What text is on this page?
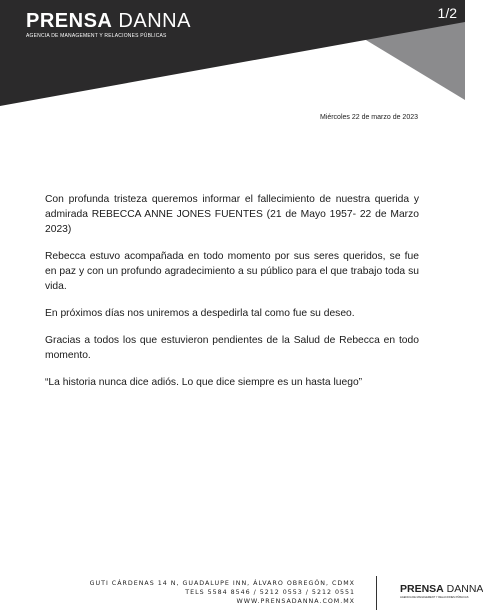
PRENSA DANNA
AGENCIA DE MANAGEMENT Y RELACIONES PÚBLICAS
1/2
Miércoles 22 de marzo de 2023

Con profunda tristeza queremos informar el fallecimiento de nuestra querida y admirada REBECCA ANNE JONES FUENTES (21 de Mayo 1957- 22 de Marzo 2023)

Rebecca estuvo acompañada en todo momento por sus seres queridos, se fue en paz y con un profundo agradecimiento a su público para el que trabajo toda su vida.

En próximos días nos uniremos a despedirla tal como fue su deseo.

Gracias a todos los que estuvieron pendientes de la Salud de Rebecca en todo momento.

“La historia nunca dice adiós. Lo que dice siempre es un hasta luego”

GUTI CÁRDENAS 14 N, GUADALUPE INN, ÁLVARO OBREGÓN, CDMX
TELS 5584 8546 / 5212 0553 / 5212 0551
WWW.PRENSADANNA.COM.MX
PRENSA DANNA
AGENCIA DE MANAGEMENT Y RELACIONES PÚBLICAS
